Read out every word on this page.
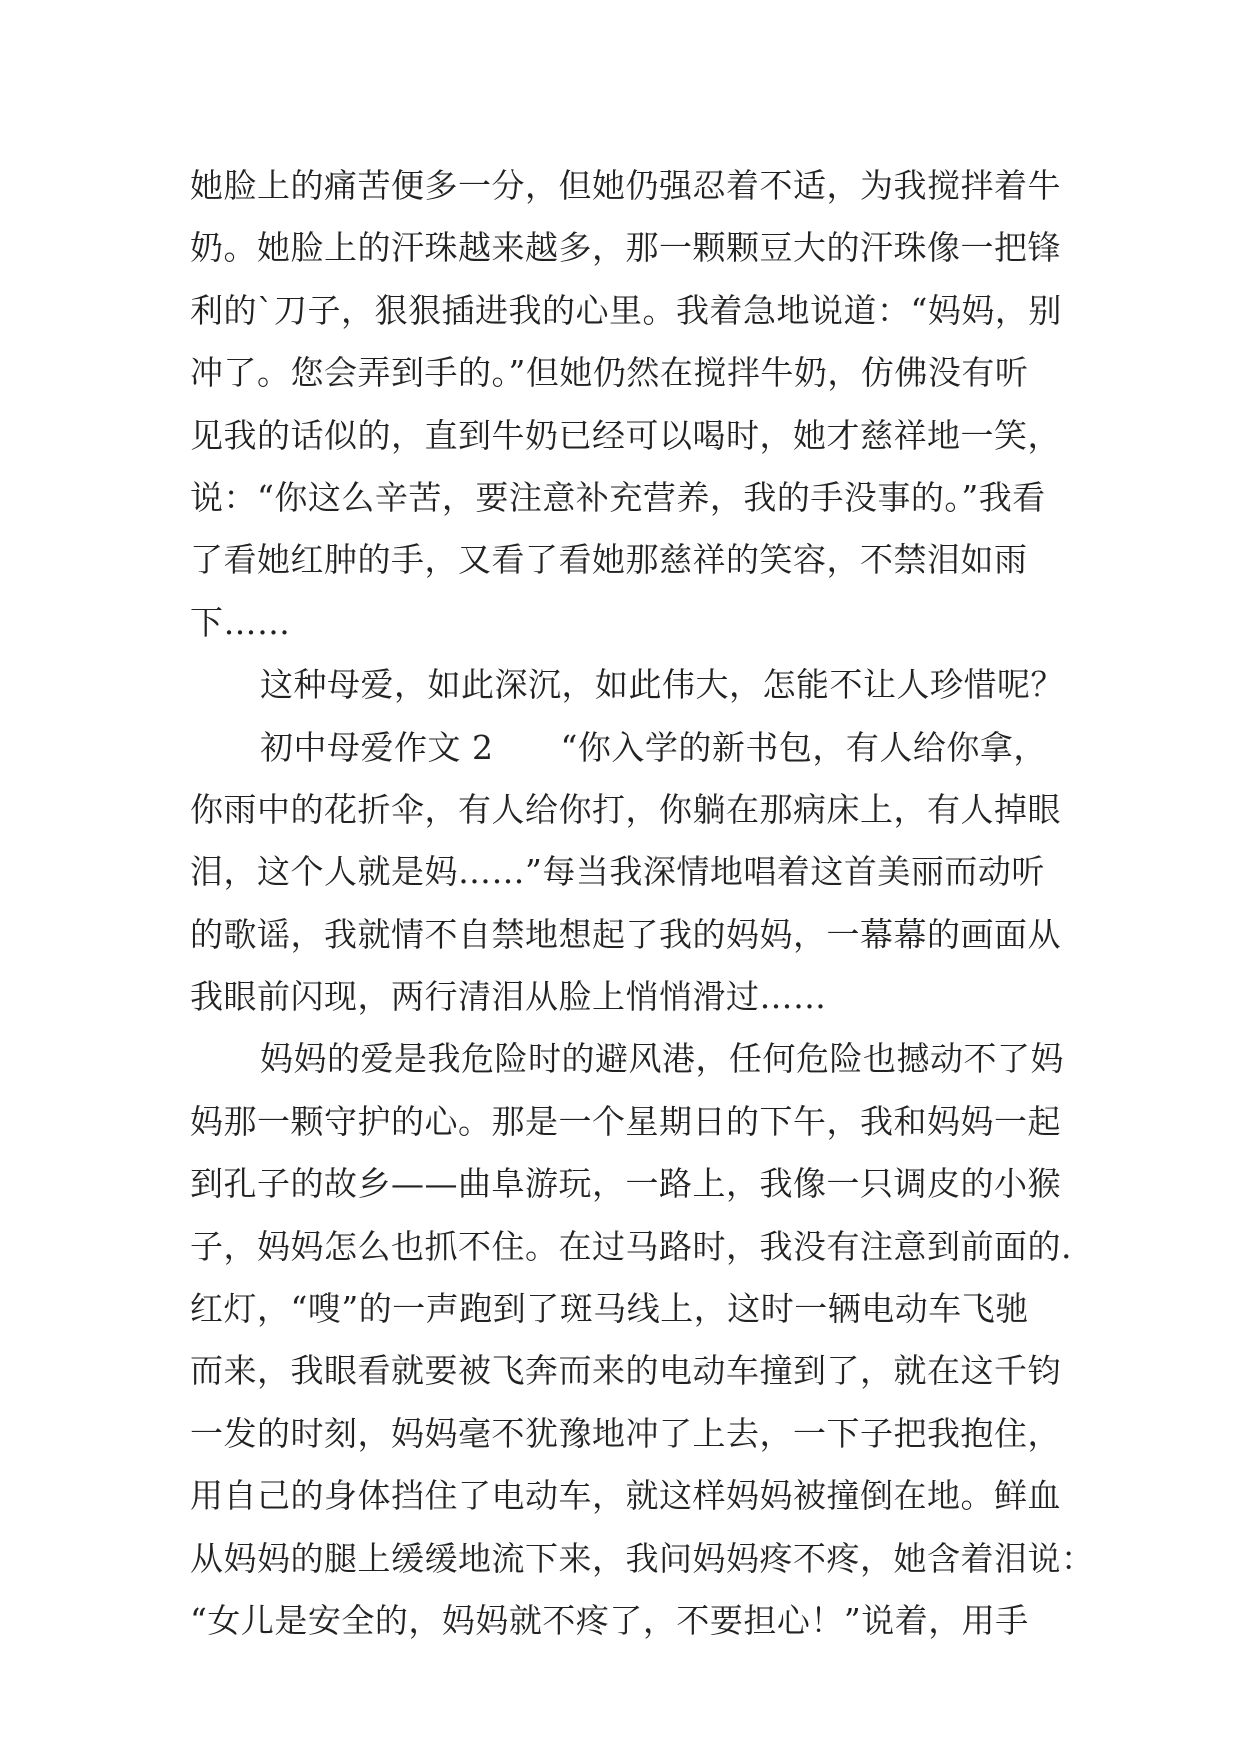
她脸上的痛苦便多一分，但她仍强忍着不适，为我搅拌着牛
奶。她脸上的汗珠越来越多，那一颗颗豆大的汗珠像一把锋
利的`刀子，狠狠插进我的心里。我着急地说道：“妈妈，别
冲了。您会弄到手的。”但她仍然在搅拌牛奶，仿佛没有听
见我的话似的，直到牛奶已经可以喝时，她才慈祥地一笑，
说：“你这么辛苦，要注意补充营养，我的手没事的。”我看
了看她红肿的手，又看了看她那慈祥的笑容，不禁泪如雨
下……
这种母爱，如此深沉，如此伟大，怎能不让人珍惜呢？
初中母爱作文 2　　“你入学的新书包，有人给你拿，
你雨中的花折伞，有人给你打，你躺在那病床上，有人掉眼
泪，这个人就是妈……”每当我深情地唱着这首美丽而动听
的歌谣，我就情不自禁地想起了我的妈妈，一幕幕的画面从
我眼前闪现，两行清泪从脸上悄悄滑过……
妈妈的爱是我危险时的避风港，任何危险也撼动不了妈
妈那一颗守护的心。那是一个星期日的下午，我和妈妈一起
到孔子的故乡——曲阜游玩，一路上，我像一只调皮的小猴
子，妈妈怎么也抓不住。在过马路时，我没有注意到前面的.
红灯，“嗖”的一声跑到了斑马线上，这时一辆电动车飞驰
而来，我眼看就要被飞奔而来的电动车撞到了，就在这千钧
一发的时刻，妈妈毫不犹豫地冲了上去，一下子把我抱住，
用自己的身体挡住了电动车，就这样妈妈被撞倒在地。鲜血
从妈妈的腿上缓缓地流下来，我问妈妈疼不疼，她含着泪说：
“女儿是安全的，妈妈就不疼了，不要担心！”说着，用手
